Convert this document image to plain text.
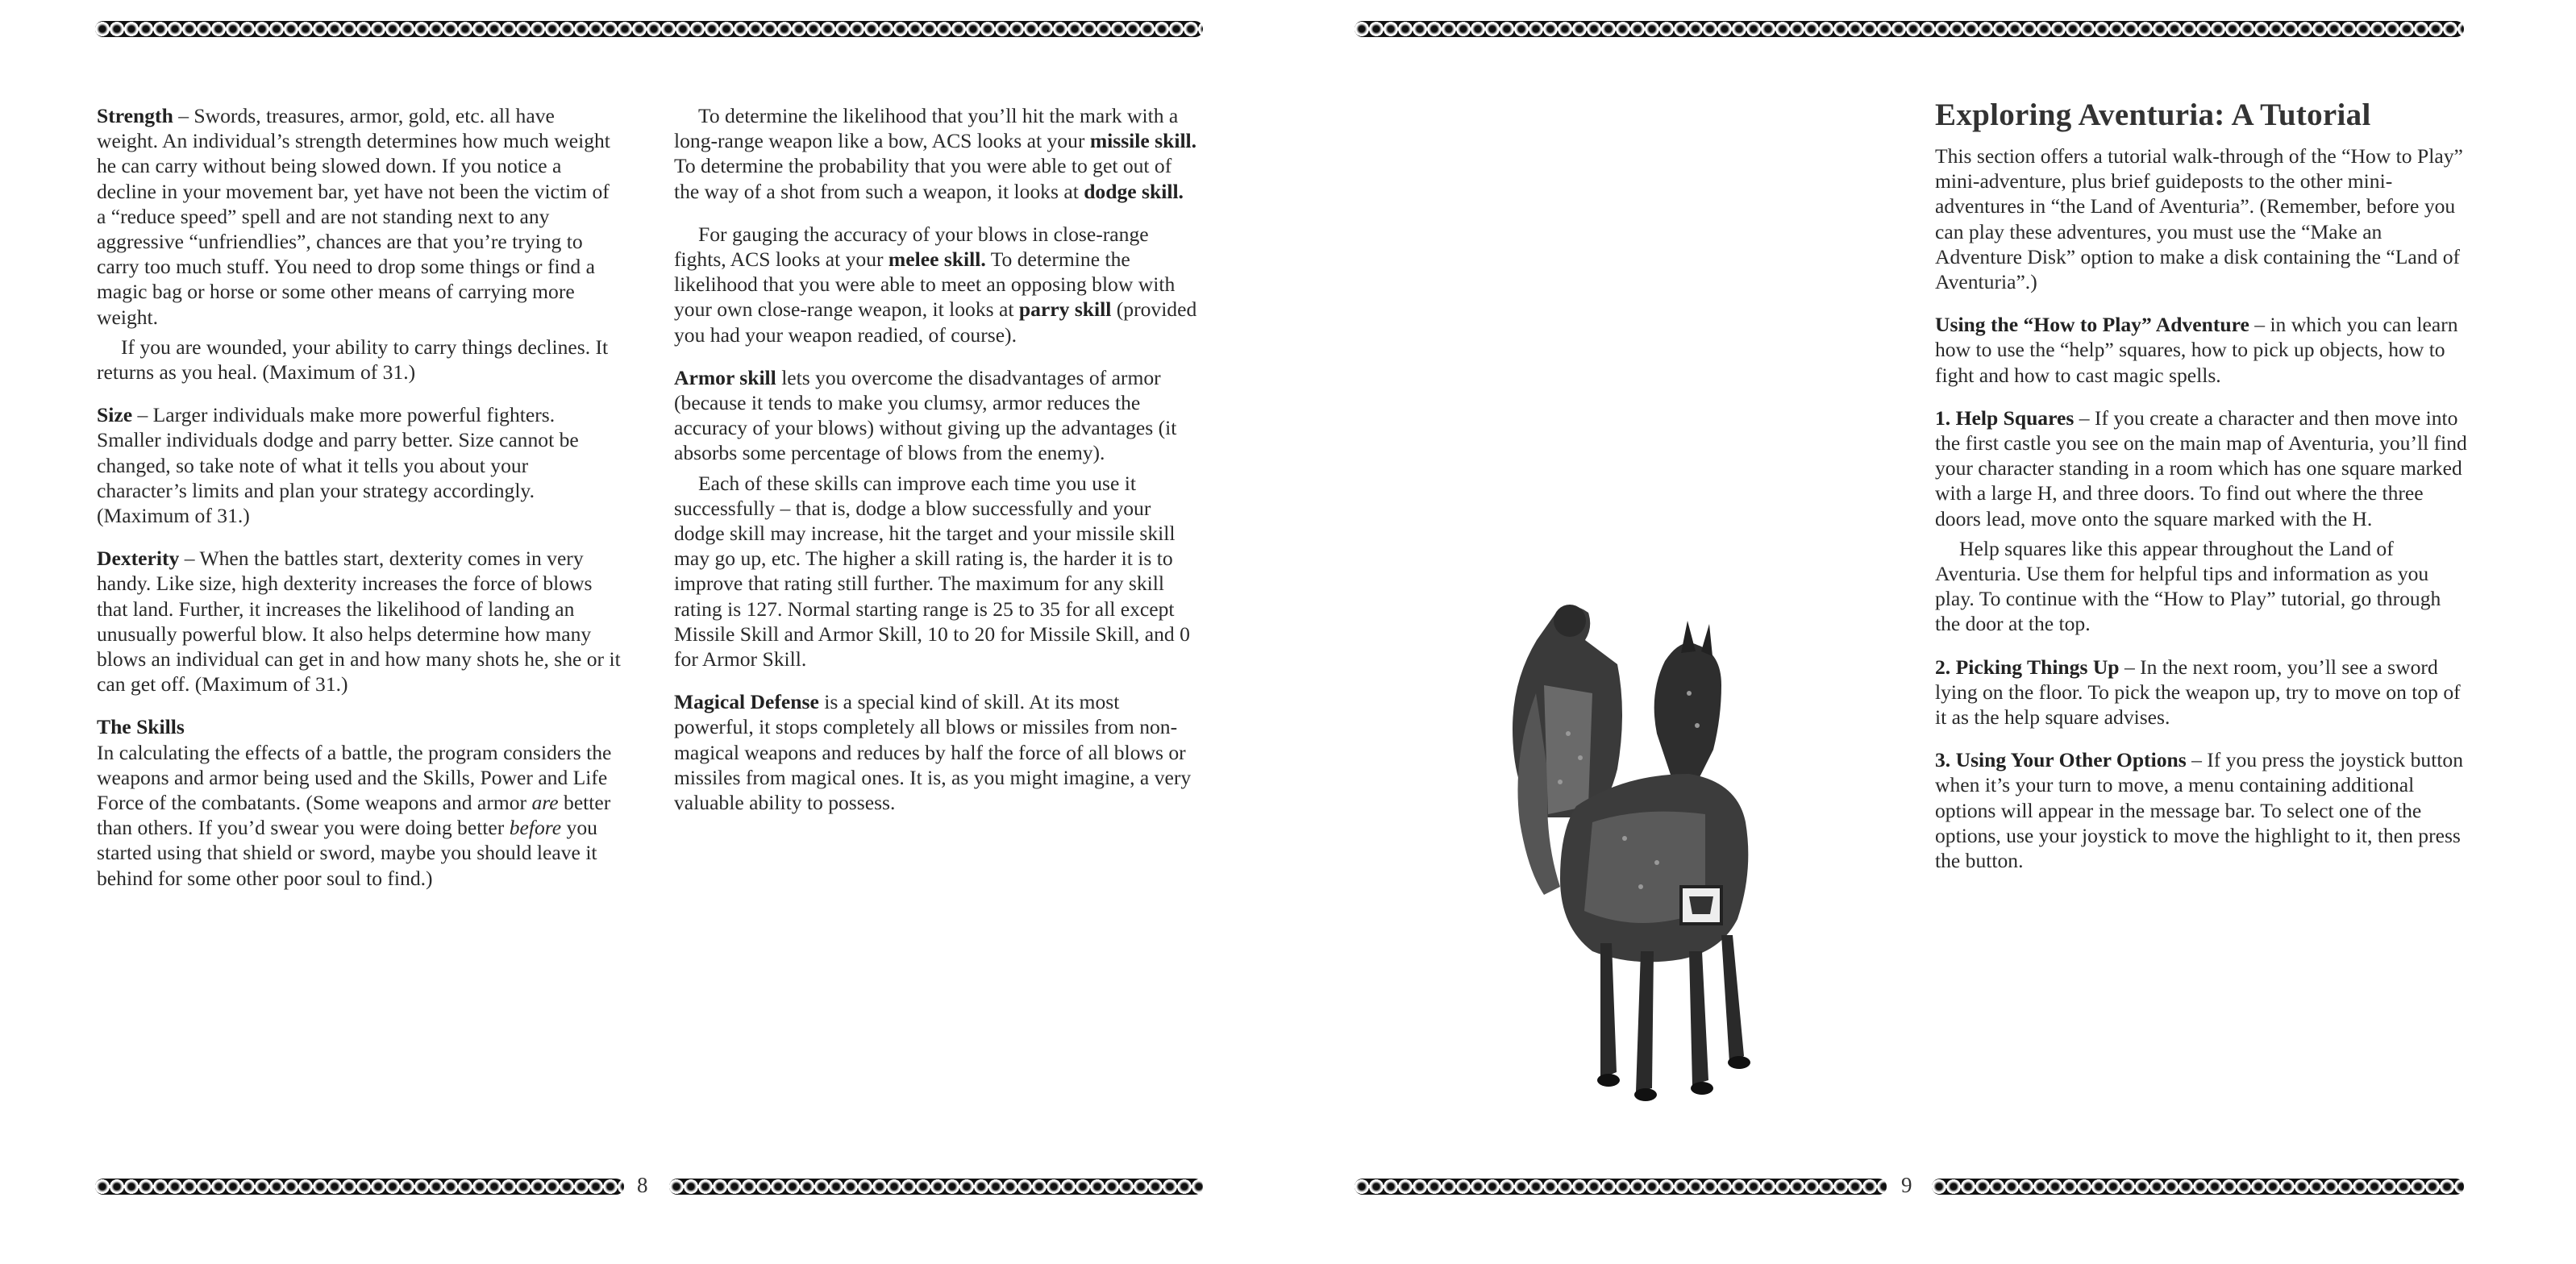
8	9

Strength – Swords, treasures, armor, gold, etc. all have weight. An individual’s strength determines how much weight he can carry without being slowed down. If you notice a decline in your movement bar, yet have not been the victim of a “reduce speed” spell and are not standing next to any aggressive “unfriendlies”, chances are that you’re trying to carry too much stuff. You need to drop some things or find a magic bag or horse or some other means of carrying more weight.

If you are wounded, your ability to carry things declines. It returns as you heal. (Maximum of 31.)

Size – Larger individuals make more powerful fighters. Smaller individuals dodge and parry better. Size cannot be changed, so take note of what it tells you about your character’s limits and plan your strategy accordingly. (Maximum of 31.)

Dexterity – When the battles start, dexterity comes in very handy. Like size, high dexterity increases the force of blows that land. Further, it increases the likelihood of landing an unusually powerful blow. It also helps determine how many blows an individual can get in and how many shots he, she or it can get off. (Maximum of 31.)

The Skills

In calculating the effects of a battle, the program considers the weapons and armor being used and the Skills, Power and Life Force of the combatants. (Some weapons and armor are better than others. If you’d swear you were doing better before you started using that shield or sword, maybe you should leave it behind for some other poor soul to find.)

To determine the likelihood that you’ll hit the mark with a long-range weapon like a bow, ACS looks at your missile skill. To determine the probability that you were able to get out of the way of a shot from such a weapon, it looks at dodge skill.

For gauging the accuracy of your blows in close-range fights, ACS looks at your melee skill. To determine the likelihood that you were able to meet an opposing blow with your own close-range weapon, it looks at parry skill (provided you had your weapon readied, of course).

Armor skill lets you overcome the disadvantages of armor (because it tends to make you clumsy, armor reduces the accuracy of your blows) without giving up the advantages (it absorbs some percentage of blows from the enemy).

Each of these skills can improve each time you use it successfully – that is, dodge a blow successfully and your dodge skill may increase, hit the target and your missile skill may go up, etc. The higher a skill rating is, the harder it is to improve that rating still further. The maximum for any skill rating is 127. Normal starting range is 25 to 35 for all except Missile Skill and Armor Skill, 10 to 20 for Missile Skill, and 0 for Armor Skill.

Magical Defense is a special kind of skill. At its most powerful, it stops completely all blows or missiles from non-magical weapons and reduces by half the force of all blows or missiles from magical ones. It is, as you might imagine, a very valuable ability to possess.

Exploring Aventuria: A Tutorial

This section offers a tutorial walk-through of the “How to Play” mini-adventure, plus brief guideposts to the other mini-adventures in “the Land of Aventuria”. (Remember, before you can play these adventures, you must use the “Make an Adventure Disk” option to make a disk containing the “Land of Aventuria”.)

Using the “How to Play” Adventure – in which you can learn how to use the “help” squares, how to pick up objects, how to fight and how to cast magic spells.

1. Help Squares – If you create a character and then move into the first castle you see on the main map of Aventuria, you’ll find your character standing in a room which has one square marked with a large H, and three doors. To find out where the three doors lead, move onto the square marked with the H.

Help squares like this appear throughout the Land of Aventuria. Use them for helpful tips and information as you play. To continue with the “How to Play” tutorial, go through the door at the top.

2. Picking Things Up – In the next room, you’ll see a sword lying on the floor. To pick the weapon up, try to move on top of it as the help square advises.

3. Using Your Other Options – If you press the joystick button when it’s your turn to move, a menu containing additional options will appear in the message bar. To select one of the options, use your joystick to move the highlight to it, then press the button.
